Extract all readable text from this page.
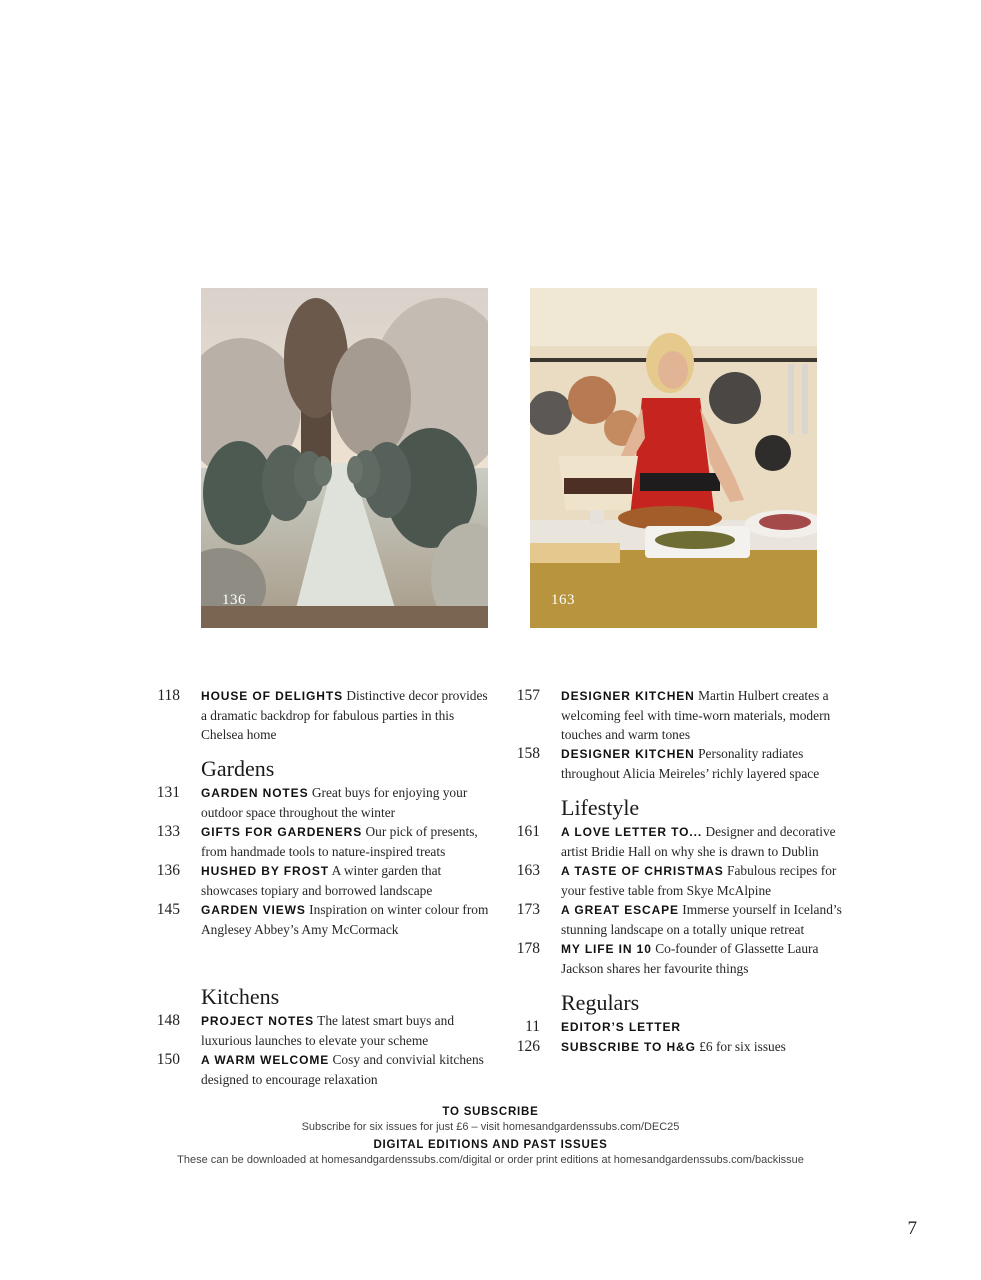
136	163
118	HOUSE OF DELIGHTS Distinctive decor provides a dramatic backdrop for fabulous parties in this Chelsea home
Gardens
131	GARDEN NOTES Great buys for enjoying your outdoor space throughout the winter
133	GIFTS FOR GARDENERS Our pick of presents, from handmade tools to nature-inspired treats
136	HUSHED BY FROST A winter garden that showcases topiary and borrowed landscape
145	GARDEN VIEWS Inspiration on winter colour from Anglesey Abbey’s Amy McCormack
Kitchens
148	PROJECT NOTES The latest smart buys and luxurious launches to elevate your scheme
150	A WARM WELCOME Cosy and convivial kitchens designed to encourage relaxation
157	DESIGNER KITCHEN Martin Hulbert creates a welcoming feel with time-worn materials, modern touches and warm tones
158	DESIGNER KITCHEN Personality radiates throughout Alicia Meireles’ richly layered space
Lifestyle
161	A LOVE LETTER TO... Designer and decorative artist Bridie Hall on why she is drawn to Dublin
163	A TASTE OF CHRISTMAS Fabulous recipes for your festive table from Skye McAlpine
173	A GREAT ESCAPE Immerse yourself in Iceland’s stunning landscape on a totally unique retreat
178	MY LIFE IN 10 Co-founder of Glassette Laura Jackson shares her favourite things
Regulars
11	EDITOR’S LETTER
126	SUBSCRIBE TO H&G £6 for six issues
TO SUBSCRIBE
Subscribe for six issues for just £6 – visit homesandgardenssubs.com/DEC25
DIGITAL EDITIONS AND PAST ISSUES
These can be downloaded at homesandgardenssubs.com/digital or order print editions at homesandgardenssubs.com/backissue
7
